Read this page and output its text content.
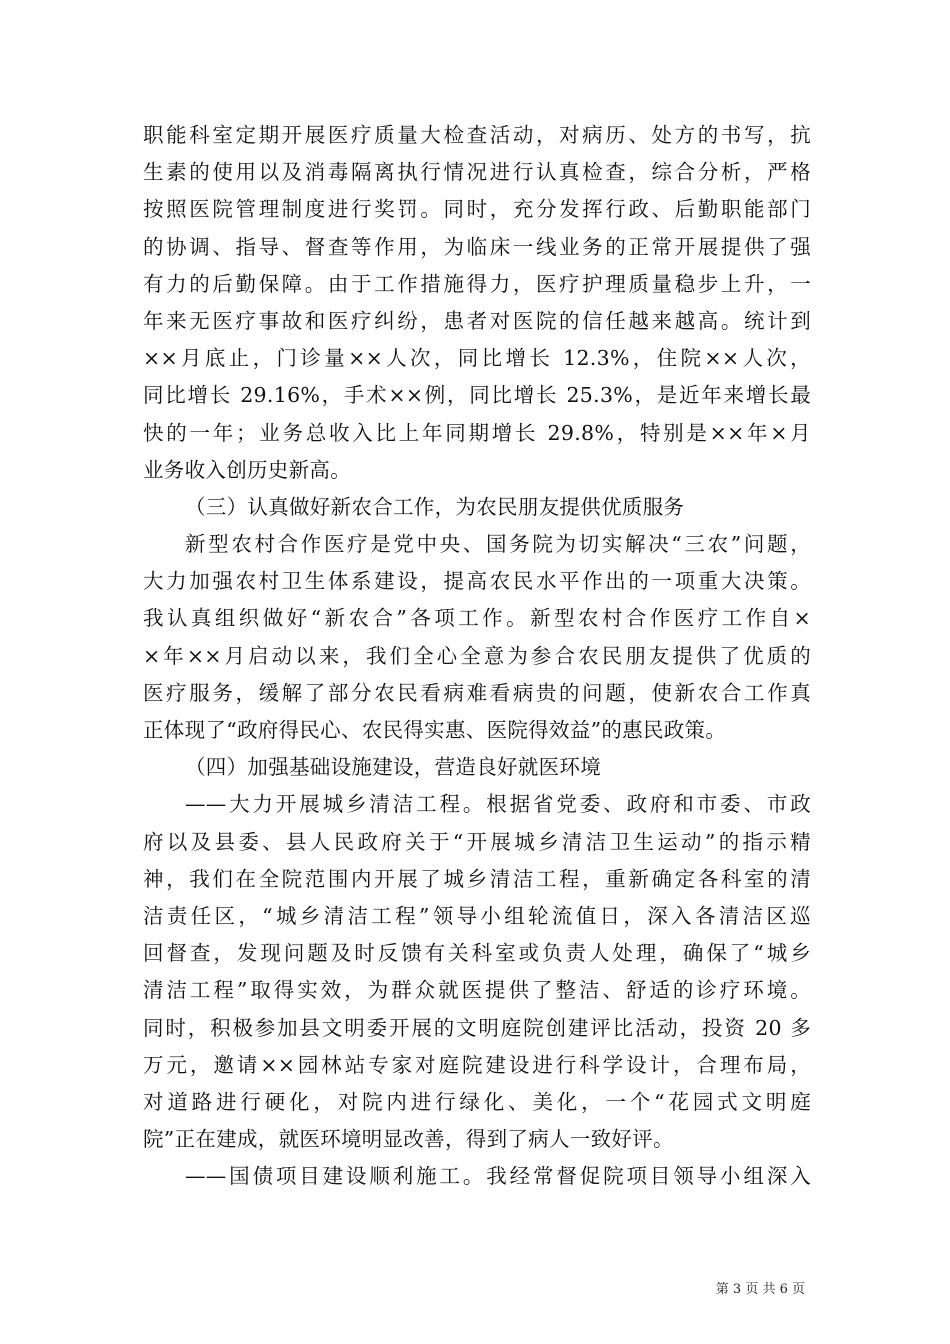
职能科室定期开展医疗质量大检查活动，对病历、处方的书写，抗
生素的使用以及消毒隔离执行情况进行认真检查，综合分析，严格
按照医院管理制度进行奖罚。同时，充分发挥行政、后勤职能部门
的协调、指导、督查等作用，为临床一线业务的正常开展提供了强
有力的后勤保障。由于工作措施得力，医疗护理质量稳步上升，一
年来无医疗事故和医疗纠纷，患者对医院的信任越来越高。统计到
××月底止，门诊量××人次，同比增长 12.3%，住院××人次，
同比增长 29.16%，手术××例，同比增长 25.3%，是近年来增长最
快的一年；业务总收入比上年同期增长 29.8%，特别是××年×月
业务收入创历史新高。
（三）认真做好新农合工作，为农民朋友提供优质服务
新型农村合作医疗是党中央、国务院为切实解决“三农”问题，
大力加强农村卫生体系建设，提高农民水平作出的一项重大决策。
我认真组织做好“新农合”各项工作。新型农村合作医疗工作自×
×年××月启动以来，我们全心全意为参合农民朋友提供了优质的
医疗服务，缓解了部分农民看病难看病贵的问题，使新农合工作真
正体现了“政府得民心、农民得实惠、医院得效益”的惠民政策。
（四）加强基础设施建设，营造良好就医环境
——大力开展城乡清洁工程。根据省党委、政府和市委、市政
府以及县委、县人民政府关于“开展城乡清洁卫生运动”的指示精
神，我们在全院范围内开展了城乡清洁工程，重新确定各科室的清
洁责任区，“城乡清洁工程”领导小组轮流值日，深入各清洁区巡
回督查，发现问题及时反馈有关科室或负责人处理，确保了“城乡
清洁工程”取得实效，为群众就医提供了整洁、舒适的诊疗环境。
同时，积极参加县文明委开展的文明庭院创建评比活动，投资 20 多
万元，邀请××园林站专家对庭院建设进行科学设计，合理布局，
对道路进行硬化，对院内进行绿化、美化，一个“花园式文明庭
院”正在建成，就医环境明显改善，得到了病人一致好评。
——国债项目建设顺利施工。我经常督促院项目领导小组深入
第 3 页 共 6 页
